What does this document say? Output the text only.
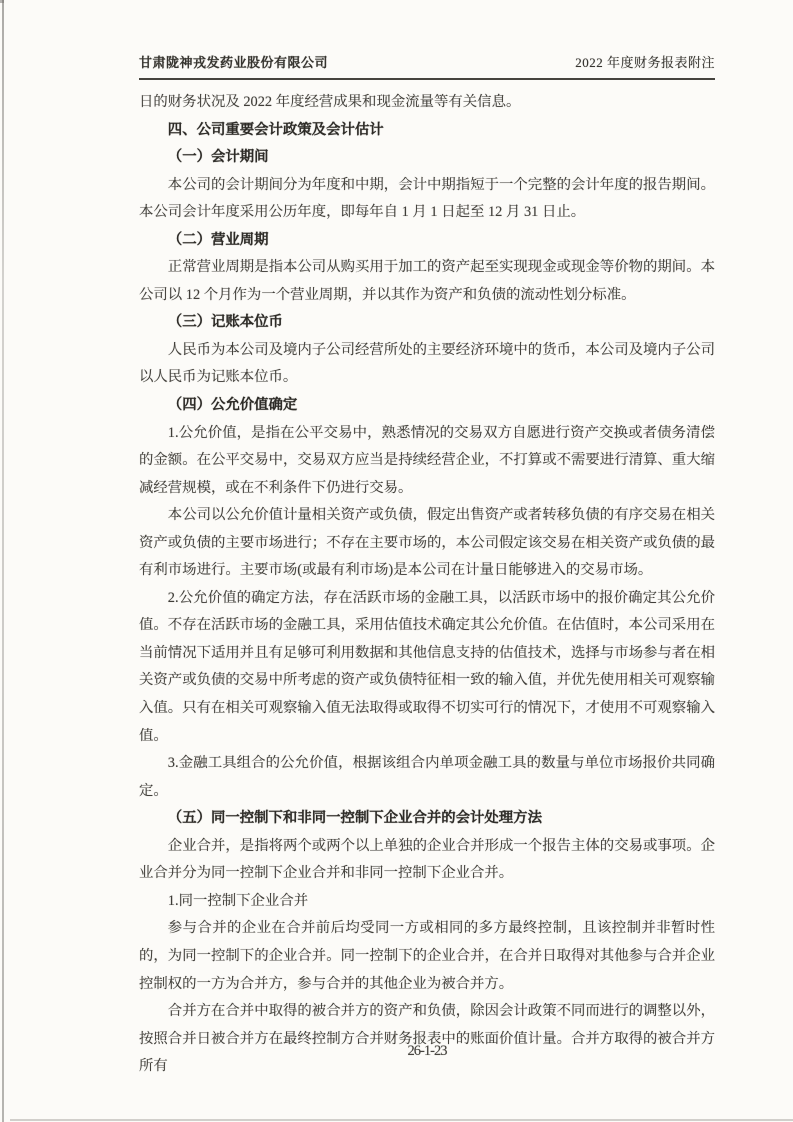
甘肃陇神戎发药业股份有限公司	2022 年度财务报表附注

日的财务状况及 2022 年度经营成果和现金流量等有关信息。

四、公司重要会计政策及会计估计

（一）会计期间

本公司的会计期间分为年度和中期，会计中期指短于一个完整的会计年度的报告期间。本公司会计年度采用公历年度，即每年自 1 月 1 日起至 12 月 31 日止。

（二）营业周期

正常营业周期是指本公司从购买用于加工的资产起至实现现金或现金等价物的期间。本公司以 12 个月作为一个营业周期，并以其作为资产和负债的流动性划分标准。

（三）记账本位币

人民币为本公司及境内子公司经营所处的主要经济环境中的货币，本公司及境内子公司以人民币为记账本位币。

（四）公允价值确定

1.公允价值，是指在公平交易中，熟悉情况的交易双方自愿进行资产交换或者债务清偿的金额。在公平交易中，交易双方应当是持续经营企业，不打算或不需要进行清算、重大缩减经营规模，或在不利条件下仍进行交易。

本公司以公允价值计量相关资产或负债，假定出售资产或者转移负债的有序交易在相关资产或负债的主要市场进行；不存在主要市场的，本公司假定该交易在相关资产或负债的最有利市场进行。主要市场(或最有利市场)是本公司在计量日能够进入的交易市场。

2.公允价值的确定方法，存在活跃市场的金融工具，以活跃市场中的报价确定其公允价值。不存在活跃市场的金融工具，采用估值技术确定其公允价值。在估值时，本公司采用在当前情况下适用并且有足够可利用数据和其他信息支持的估值技术，选择与市场参与者在相关资产或负债的交易中所考虑的资产或负债特征相一致的输入值，并优先使用相关可观察输入值。只有在相关可观察输入值无法取得或取得不切实可行的情况下，才使用不可观察输入值。

3.金融工具组合的公允价值，根据该组合内单项金融工具的数量与单位市场报价共同确定。

（五）同一控制下和非同一控制下企业合并的会计处理方法

企业合并，是指将两个或两个以上单独的企业合并形成一个报告主体的交易或事项。企业合并分为同一控制下企业合并和非同一控制下企业合并。

1.同一控制下企业合并

参与合并的企业在合并前后均受同一方或相同的多方最终控制，且该控制并非暂时性的，为同一控制下的企业合并。同一控制下的企业合并，在合并日取得对其他参与合并企业控制权的一方为合并方，参与合并的其他企业为被合并方。

合并方在合并中取得的被合并方的资产和负债，除因会计政策不同而进行的调整以外，按照合并日被合并方在最终控制方合并财务报表中的账面价值计量。合并方取得的被合并方所有

26-1-23
